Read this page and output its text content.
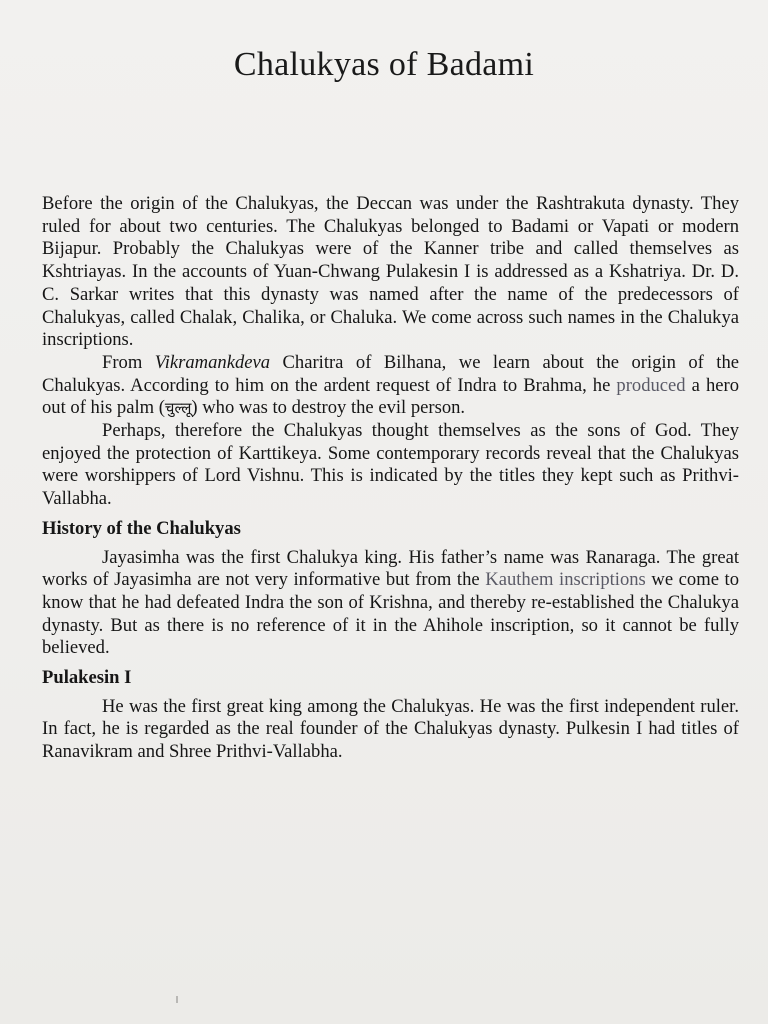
Chalukyas of Badami

Before the origin of the Chalukyas, the Deccan was under the Rashtrakuta dynasty. They ruled for about two centuries. The Chalukyas belonged to Badami or Vapati or modern Bijapur. Probably the Chalukyas were of the Kanner tribe and called themselves as Kshtriayas. In the accounts of Yuan-Chwang Pulakesin I is addressed as a Kshatriya. Dr. D. C. Sarkar writes that this dynasty was named after the name of the predecessors of Chalukyas, called Chalak, Chalika, or Chaluka. We come across such names in the Chalukya inscriptions.

From Vikramankdeva Charitra of Bilhana, we learn about the origin of the Chalukyas. According to him on the ardent request of Indra to Brahma, he produced a hero out of his palm (चुल्लू) who was to destroy the evil person.

Perhaps, therefore the Chalukyas thought themselves as the sons of God. They enjoyed the protection of Karttikeya. Some contemporary records reveal that the Chalukyas were worshippers of Lord Vishnu. This is indicated by the titles they kept such as Prithvi-Vallabha.

History of the Chalukyas

Jayasimha was the first Chalukya king. His father’s name was Ranaraga. The great works of Jayasimha are not very informative but from the Kauthem inscriptions we come to know that he had defeated Indra the son of Krishna, and thereby re-established the Chalukya dynasty. But as there is no reference of it in the Ahihole inscription, so it cannot be fully believed.

Pulakesin I

He was the first great king among the Chalukyas. He was the first independent ruler. In fact, he is regarded as the real founder of the Chalukyas dynasty. Pulkesin I had titles of Ranavikram and Shree Prithvi-Vallabha.
